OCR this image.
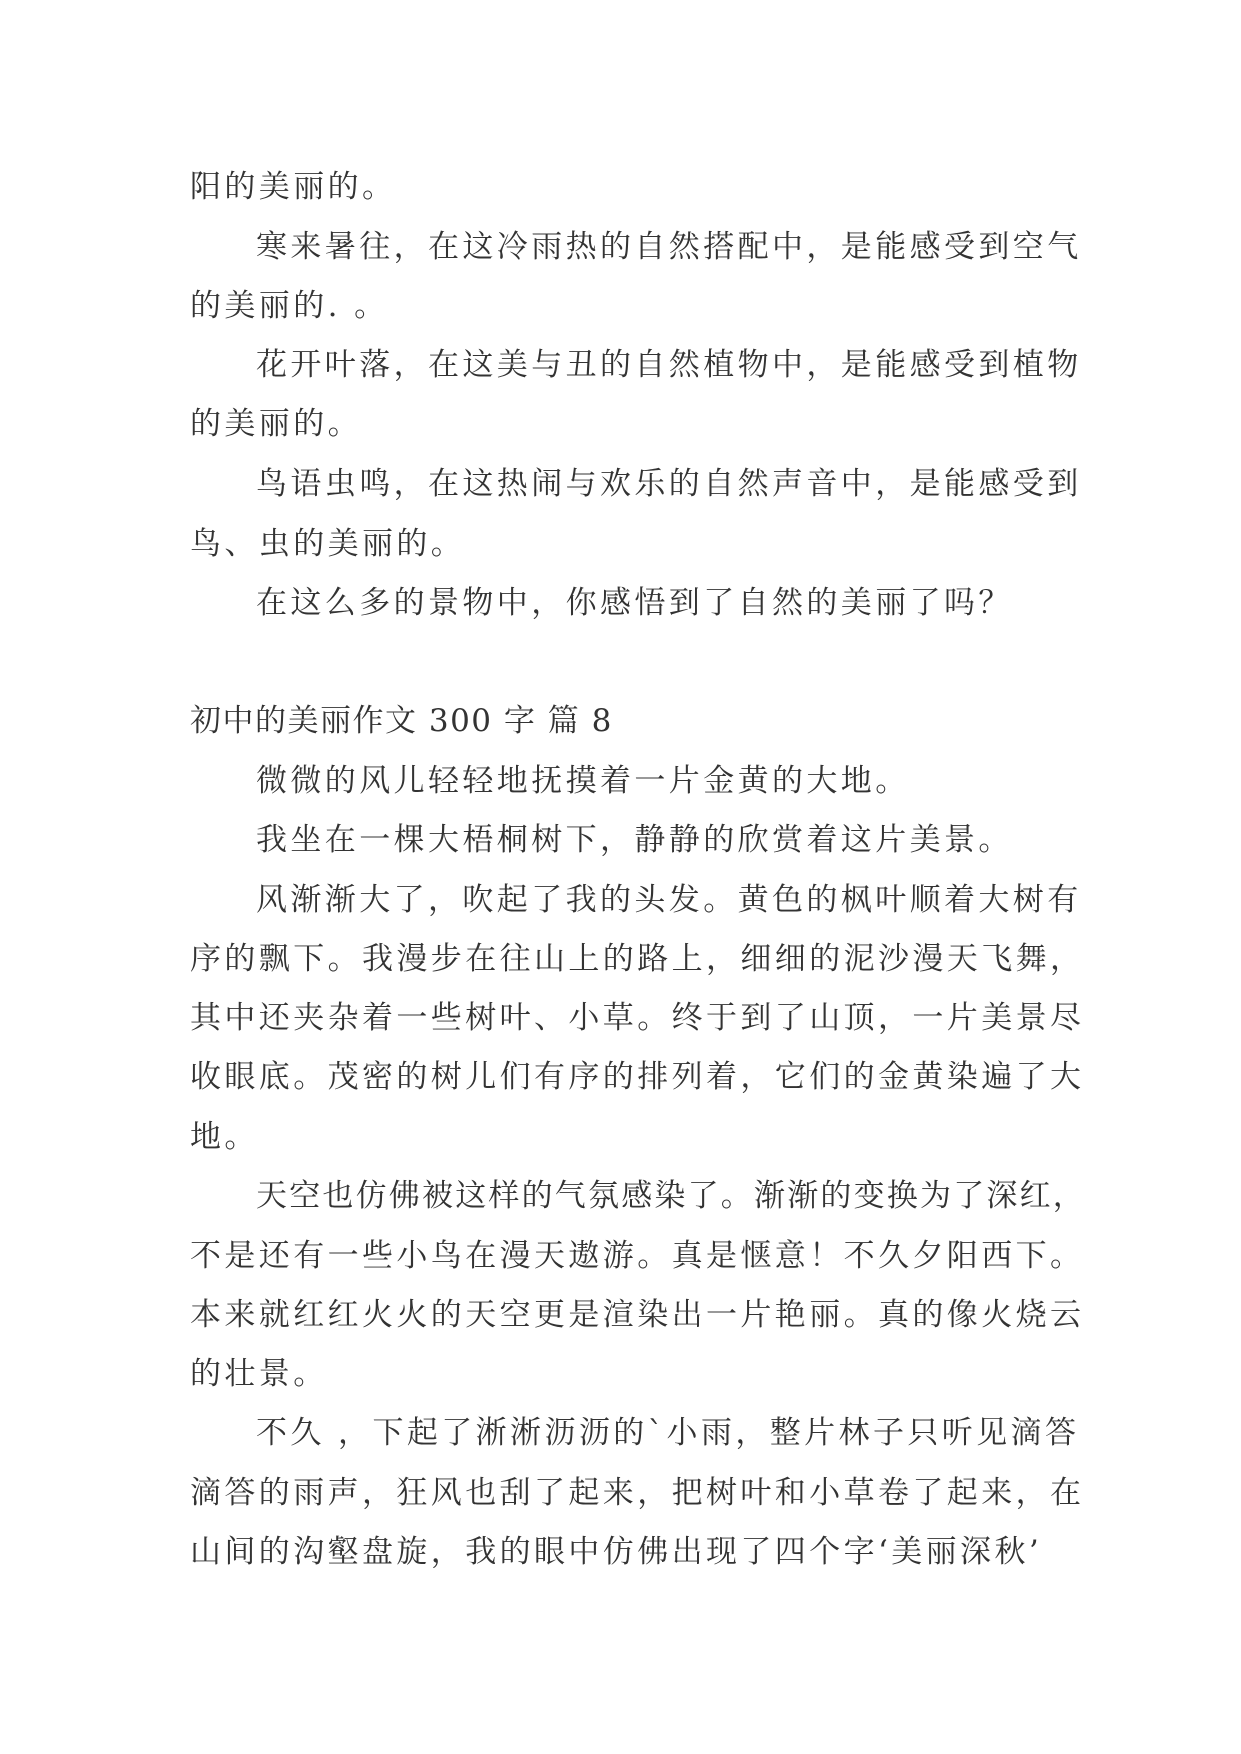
阳的美丽的。
寒来暑往，在这冷雨热的自然搭配中，是能感受到空气
的美丽的. 。
花开叶落，在这美与丑的自然植物中，是能感受到植物
的美丽的。
鸟语虫鸣，在这热闹与欢乐的自然声音中，是能感受到
鸟、虫的美丽的。
在这么多的景物中，你感悟到了自然的美丽了吗？
初中的美丽作文 300 字 篇 8
微微的风儿轻轻地抚摸着一片金黄的大地。
我坐在一棵大梧桐树下，静静的欣赏着这片美景。
风渐渐大了，吹起了我的头发。黄色的枫叶顺着大树有
序的飘下。我漫步在往山上的路上，细细的泥沙漫天飞舞，
其中还夹杂着一些树叶、小草。终于到了山顶，一片美景尽
收眼底。茂密的树儿们有序的排列着，它们的金黄染遍了大
地。
天空也仿佛被这样的气氛感染了。渐渐的变换为了深红，
不是还有一些小鸟在漫天遨游。真是惬意！不久夕阳西下。
本来就红红火火的天空更是渲染出一片艳丽。真的像火烧云
的壮景。
不久 ，下起了淅淅沥沥的`小雨，整片林子只听见滴答
滴答的雨声，狂风也刮了起来，把树叶和小草卷了起来，在
山间的沟壑盘旋，我的眼中仿佛出现了四个字‘美丽深秋’
